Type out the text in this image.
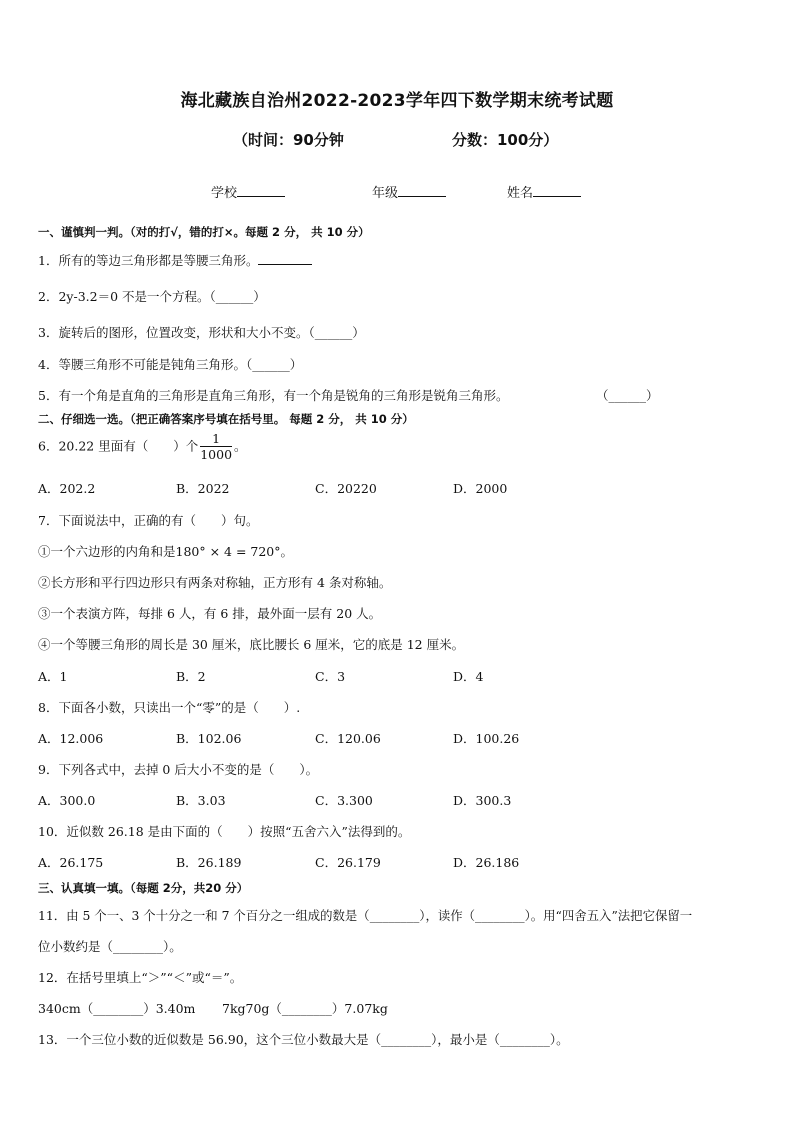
海北藏族自治州2022-2023学年四下数学期末统考试题
（时间：90分钟	分数：100分）
学校	年级	姓名
一、谨慎判一判。（对的打√，错的打×。每题 2 分， 共 10 分）
1．所有的等边三角形都是等腰三角形。
2．2y-3.2＝0 不是一个方程。（______）
3．旋转后的图形，位置改变，形状和大小不变。（______）
4．等腰三角形不可能是钝角三角形。（______）
5．有一个角是直角的三角形是直角三角形，有一个角是锐角的三角形是锐角三角形。	（______）
二、仔细选一选。（把正确答案序号填在括号里。 每题 2 分， 共 10 分）
6．20.22 里面有（　　）个 $\frac{1}{1000}$ 。
A．202.2	B．2022	C．20220	D．2000
7．下面说法中，正确的有（　　）句。
①一个六边形的内角和是180° × 4 = 720°。
②长方形和平行四边形只有两条对称轴，正方形有 4 条对称轴。
③一个表演方阵，每排 6 人，有 6 排，最外面一层有 20 人。
④一个等腰三角形的周长是 30 厘米，底比腰长 6 厘米，它的底是 12 厘米。
A．1	B．2	C．3	D．4
8．下面各小数，只读出一个“零”的是（　　）.
A．12.006	B．102.06	C．120.06	D．100.26
9．下列各式中，去掉 0 后大小不变的是（　　）。
A．300.0	B．3.03	C．3.300	D．300.3
10．近似数 26.18 是由下面的（　　）按照“五舍六入”法得到的。
A．26.175	B．26.189	C．26.179	D．26.186
三、认真填一填。（每题 2分，共20 分）
11．由 5 个一、3 个十分之一和 7 个百分之一组成的数是（________），读作（________）。用“四舍五入”法把它保留一
位小数约是（________）。
12．在括号里填上“＞”“＜”或“＝”。
340cm（________）3.40m 7kg70g（________）7.07kg
13．一个三位小数的近似数是 56.90，这个三位小数最大是（________），最小是（________）。
